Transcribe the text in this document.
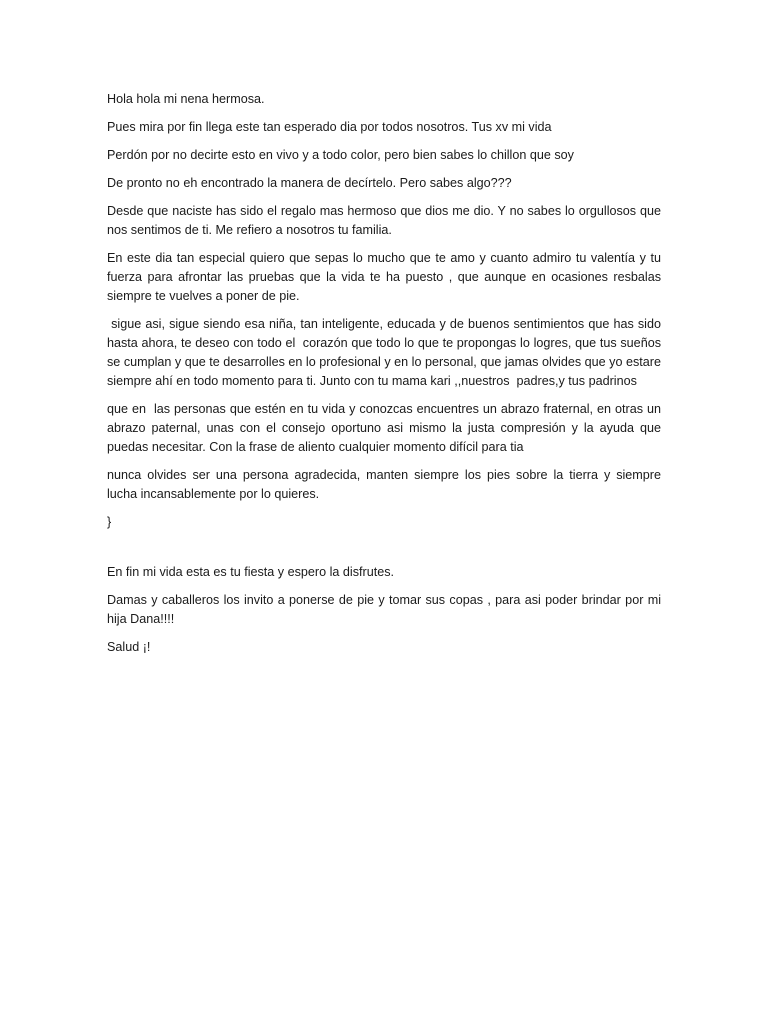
Hola hola mi nena hermosa.

Pues mira por fin llega este tan esperado dia por todos nosotros. Tus xv mi vida

Perdón por no decirte esto en vivo y a todo color, pero bien sabes lo chillon que soy

De pronto no eh encontrado la manera de decírtelo. Pero sabes algo???

Desde que naciste has sido el regalo mas hermoso que dios me dio. Y no sabes lo orgullosos que nos sentimos de ti. Me refiero a nosotros tu familia.

En este dia tan especial quiero que sepas lo mucho que te amo y cuanto admiro tu valentía y tu fuerza para afrontar las pruebas que la vida te ha puesto , que aunque en ocasiones resbalas siempre te vuelves a poner de pie.

sigue asi, sigue siendo esa niña, tan inteligente, educada y de buenos sentimientos que has sido hasta ahora, te deseo con todo el  corazón que todo lo que te propongas lo logres, que tus sueños se cumplan y que te desarrolles en lo profesional y en lo personal, que jamas olvides que yo estare siempre ahí en todo momento para ti. Junto con tu mama kari ,,nuestros  padres,y tus padrinos

que en  las personas que estén en tu vida y conozcas encuentres un abrazo fraternal, en otras un abrazo paternal, unas con el consejo oportuno asi mismo la justa compresión y la ayuda que puedas necesitar. Con la frase de aliento cualquier momento difícil para tia

nunca olvides ser una persona agradecida, manten siempre los pies sobre la tierra y siempre  lucha incansablemente por lo quieres.

}

En fin mi vida esta es tu fiesta y espero la disfrutes.

Damas y caballeros los invito a ponerse de pie y tomar sus copas , para asi poder brindar por mi hija Dana!!!!

Salud ¡!
